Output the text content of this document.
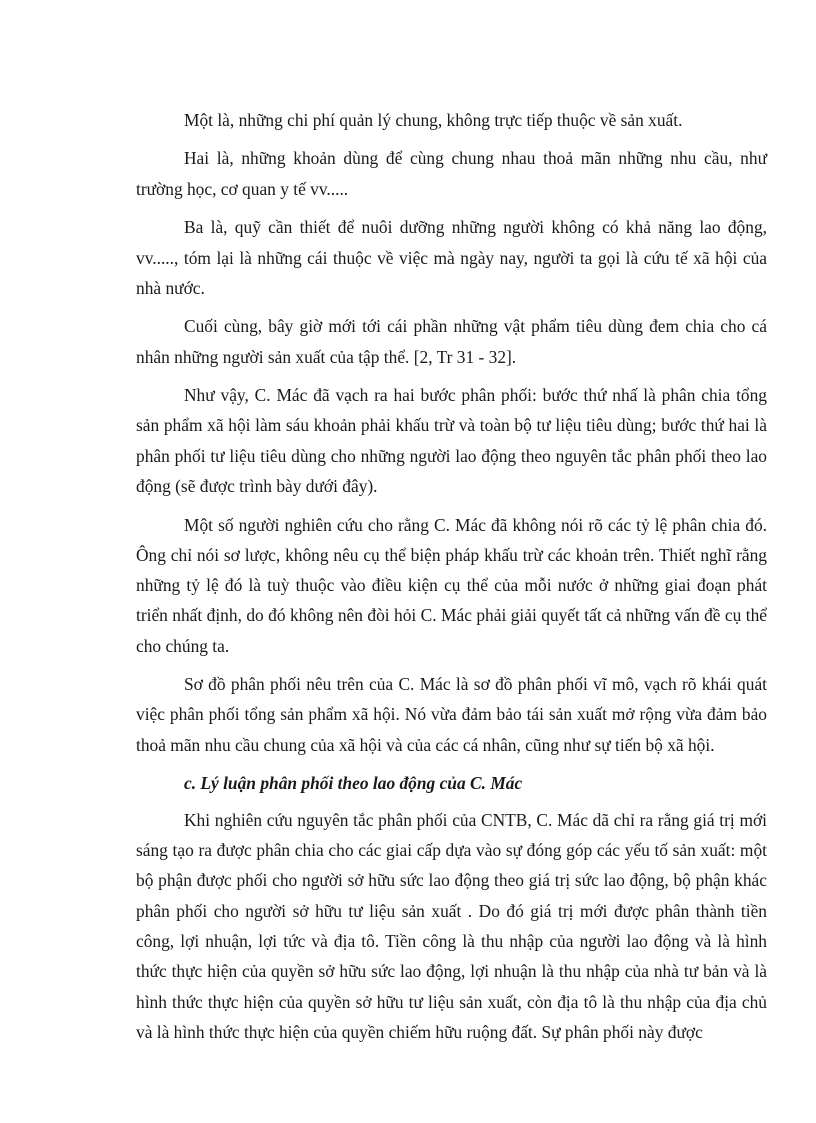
Một là, những chi phí quản lý chung, không trực tiếp thuộc về sản xuất.

Hai là, những khoản dùng để cùng chung nhau thoả mãn những nhu cầu, như trường học, cơ quan y tế vv.....

Ba là, quỹ cần thiết để nuôi dưỡng những người không có khả năng lao động, vv....., tóm lại là những cái thuộc về việc mà ngày nay, người ta gọi là cứu tế xã hội của nhà nước.

Cuối cùng, bây giờ mới tới cái phần những vật phẩm tiêu dùng đem chia cho cá nhân những người sản xuất của tập thể. [2, Tr 31 - 32].

Như vậy, C. Mác đã vạch ra hai bước phân phối: bước thứ nhấ là phân chia tổng sản phẩm xã hội làm sáu khoản phải khấu trừ và toàn bộ tư liệu tiêu dùng; bước thứ hai là phân phối tư liệu tiêu dùng cho những người lao động theo nguyên tắc phân phối theo lao động (sẽ được trình bày dưới đây).

Một số người nghiên cứu cho rằng C. Mác đã không nói rõ các tỷ lệ phân chia đó. Ông chỉ nói sơ lược, không nêu cụ thể biện pháp khấu trừ các khoản trên. Thiết nghĩ rằng những tỷ lệ đó là tuỳ thuộc vào điều kiện cụ thể của mỗi nước ở những giai đoạn phát triển nhất định, do đó không nên đòi hỏi C. Mác phải giải quyết tất cả những vấn đề cụ thể cho chúng ta.

Sơ đồ phân phối nêu trên của C. Mác là sơ đồ phân phối vĩ mô, vạch rõ khái quát việc phân phối tổng sản phẩm xã hội. Nó vừa đảm bảo tái sản xuất mở rộng vừa đảm bảo thoả mãn nhu cầu chung của xã hội và của các cá nhân, cũng như sự tiến bộ xã hội.

c. Lý luận phân phối theo lao động của C. Mác

Khi nghiên cứu nguyên tắc phân phối của CNTB, C. Mác dã chỉ ra rằng giá trị mới sáng tạo ra được phân chia cho các giai cấp dựa vào sự đóng góp các yếu tố sản xuất: một bộ phận được phối cho người sở hữu sức lao động theo giá trị sức lao động, bộ phận khác phân phối cho người sở hữu tư liệu sản xuất . Do đó giá trị mới được phân thành tiền công, lợi nhuận, lợi tức và địa tô. Tiền công là thu nhập của người lao động và là hình thức thực hiện của quyền sở hữu sức lao động, lợi nhuận là thu nhập của nhà tư bản và là hình thức thực hiện của quyền sở hữu tư liệu sản xuất, còn địa tô là thu nhập của địa chủ và là hình thức thực hiện của quyền chiếm hữu ruộng đất. Sự phân phối này được
